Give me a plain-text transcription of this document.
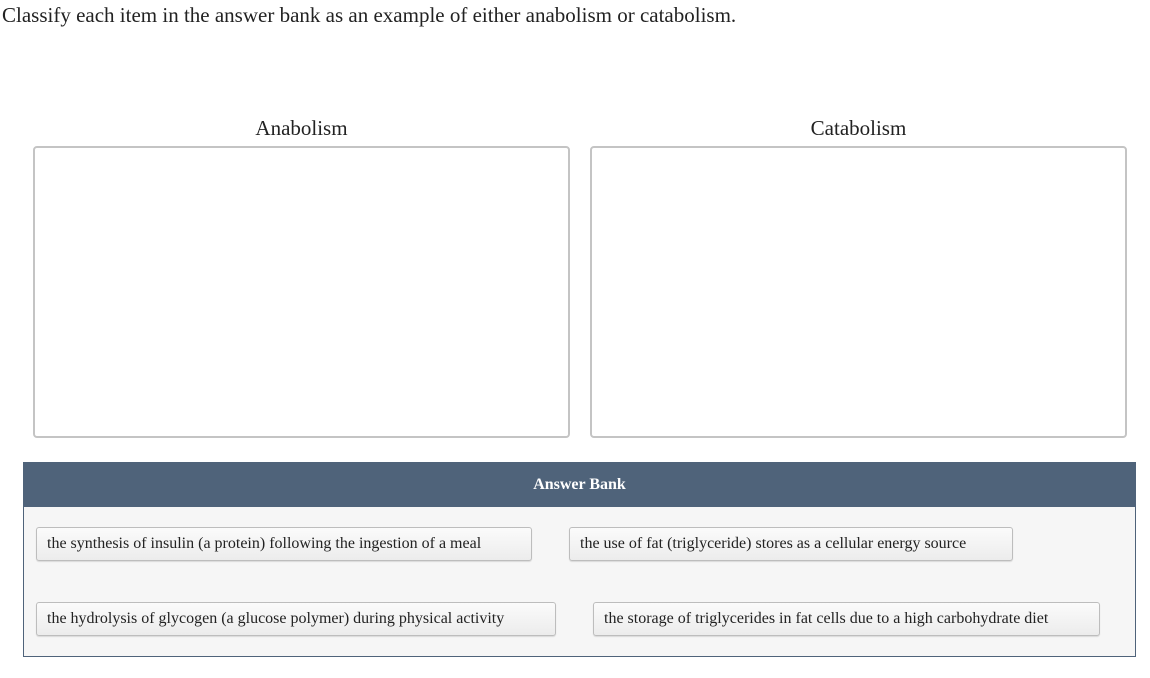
Classify each item in the answer bank as an example of either anabolism or catabolism.
Anabolism	Catabolism
Answer Bank
the synthesis of insulin (a protein) following the ingestion of a meal	the use of fat (triglyceride) stores as a cellular energy source
the hydrolysis of glycogen (a glucose polymer) during physical activity	the storage of triglycerides in fat cells due to a high carbohydrate diet
